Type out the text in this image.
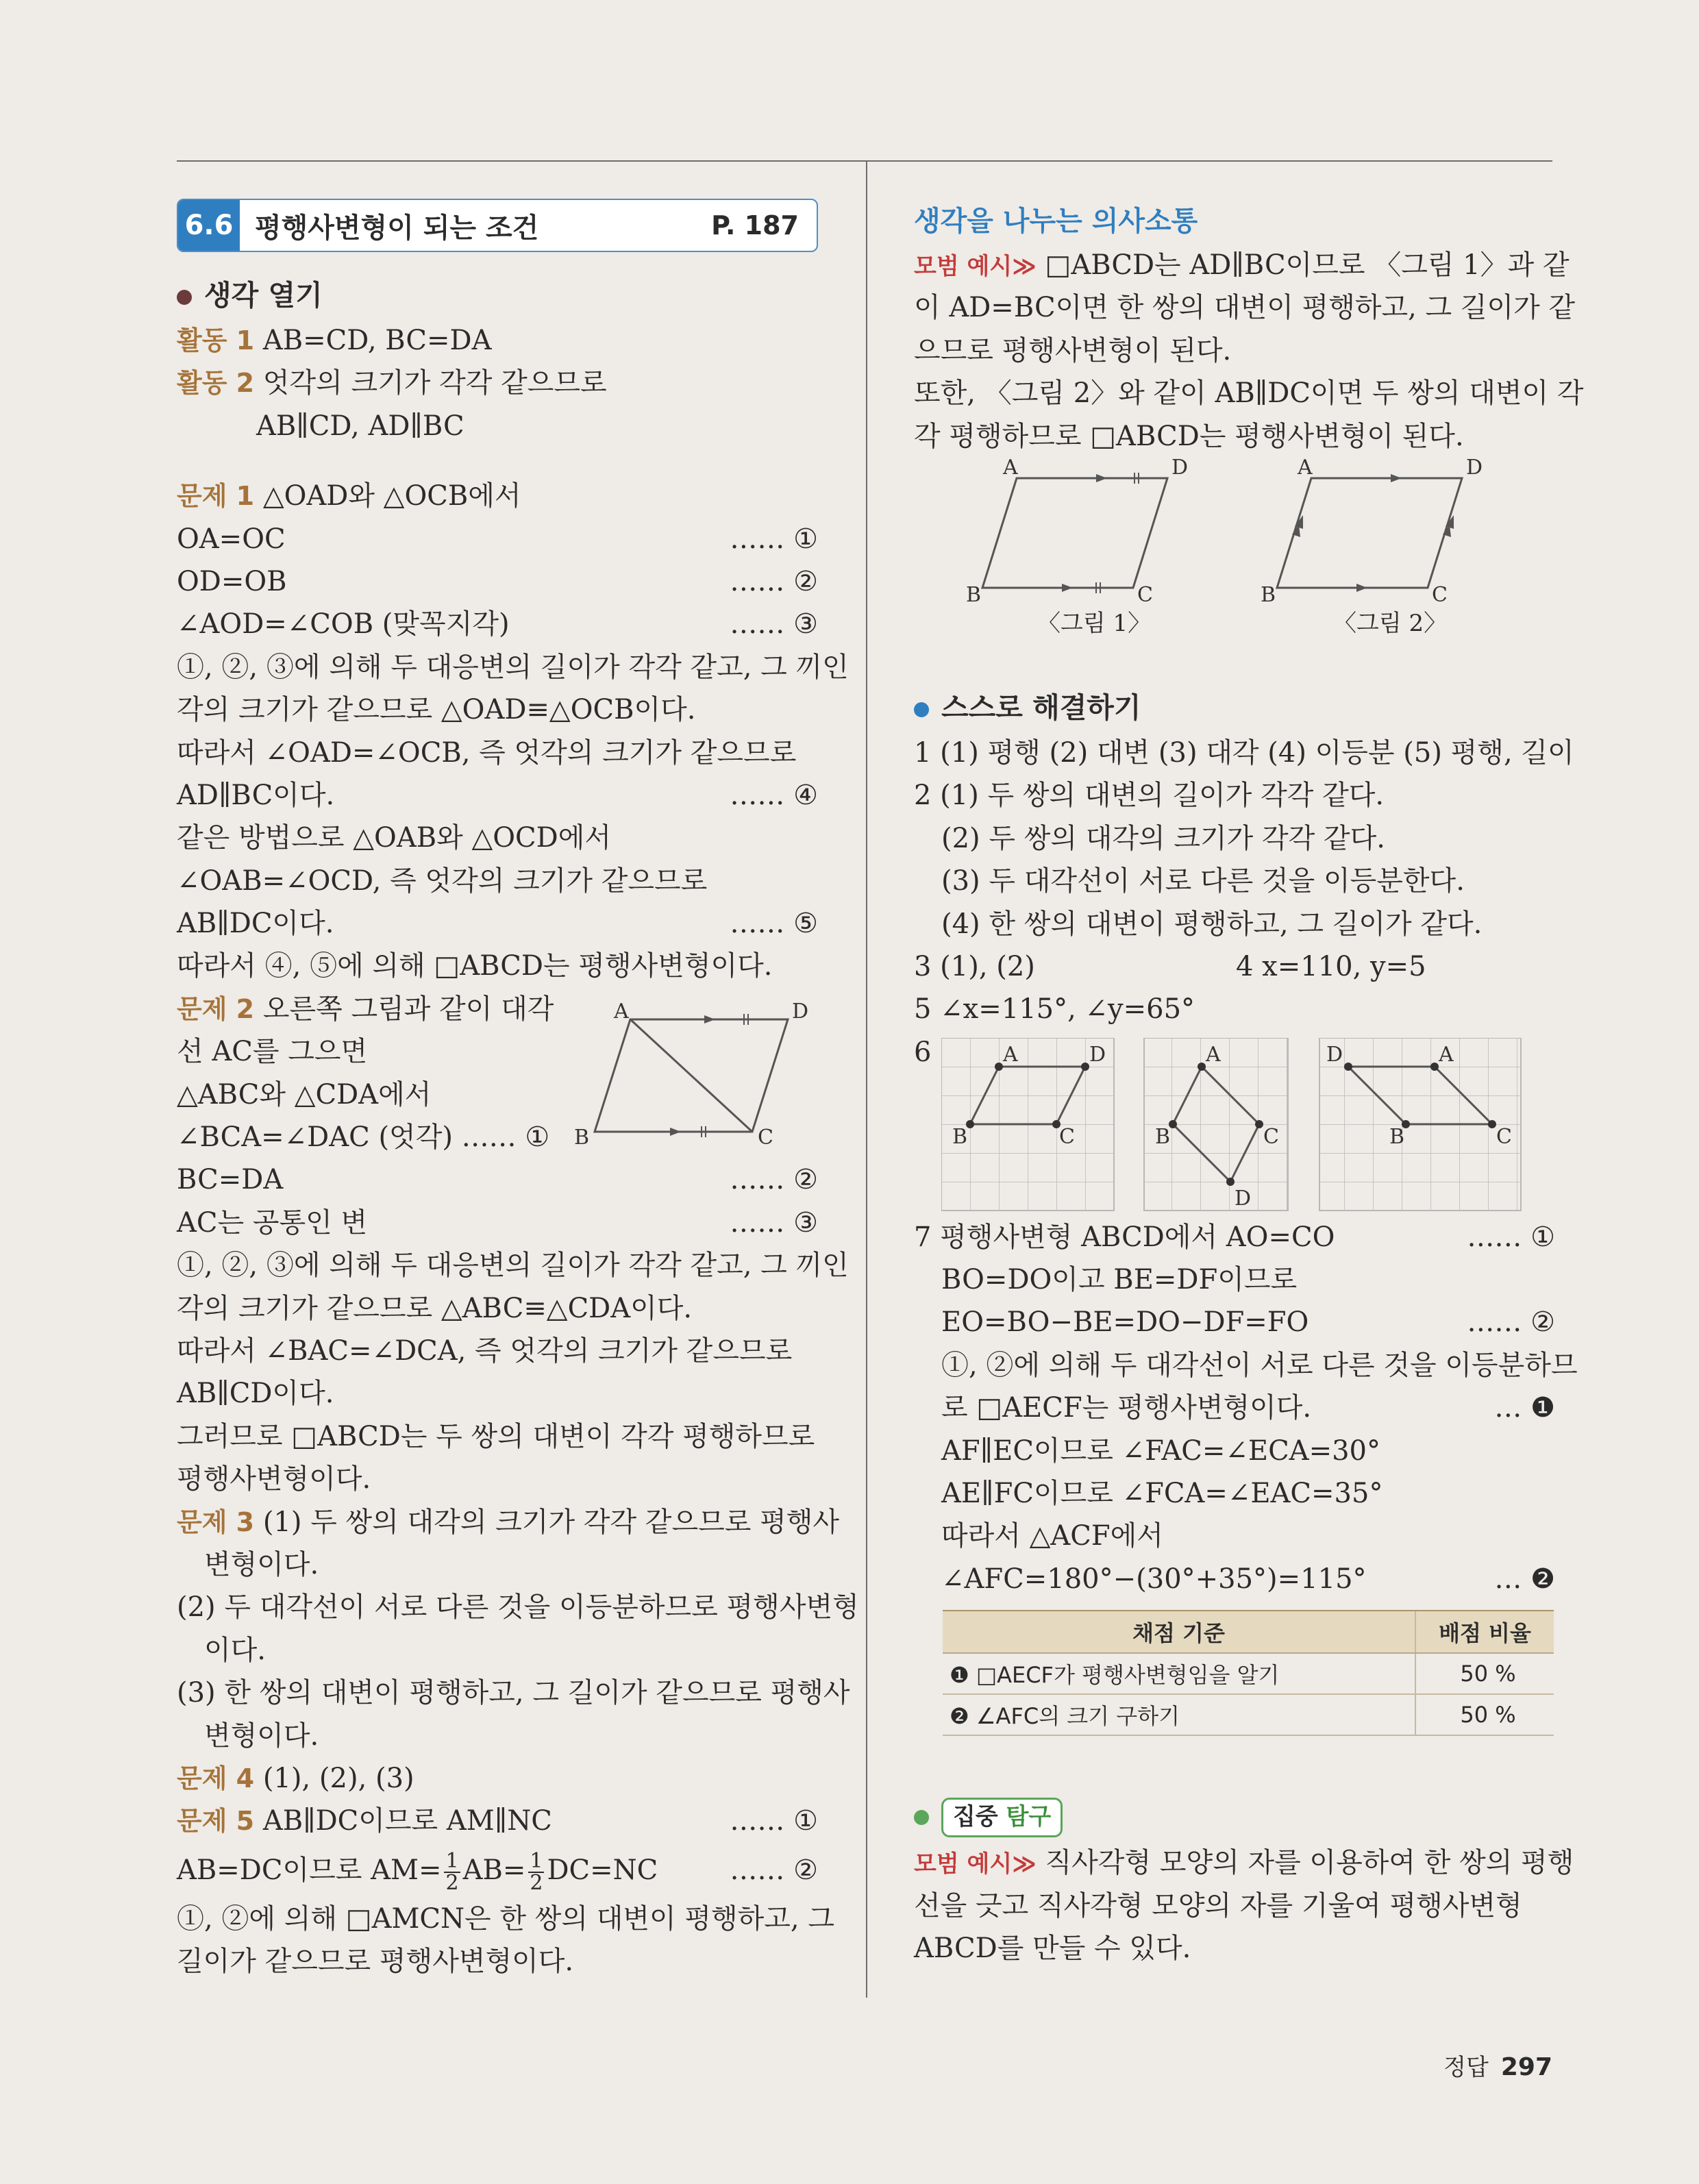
6.6 평행사변형이 되는 조건	P. 187
생각 열기
활동 1 AB=CD, BC=DA
활동 2 엇각의 크기가 각각 같으므로
AB∥CD, AD∥BC
문제 1 △OAD와 △OCB에서
OA=OC	…… ①
OD=OB	…… ②
∠AOD=∠COB (맞꼭지각)	…… ③
①, ②, ③에 의해 두 대응변의 길이가 각각 같고, 그 끼인
각의 크기가 같으므로 △OAD≡△OCB이다.
따라서 ∠OAD=∠OCB, 즉 엇각의 크기가 같으므로
AD∥BC이다.	…… ④
같은 방법으로 △OAB와 △OCD에서
∠OAB=∠OCD, 즉 엇각의 크기가 같으므로
AB∥DC이다.	…… ⑤
따라서 ④, ⑤에 의해 □ABCD는 평행사변형이다.
A	D
B	C
문제 2 오른쪽 그림과 같이 대각
선 AC를 그으면
△ABC와 △CDA에서
∠BCA=∠DAC (엇각) …… ①
BC=DA	…… ②
AC는 공통인 변	…… ③
①, ②, ③에 의해 두 대응변의 길이가 각각 같고, 그 끼인
각의 크기가 같으므로 △ABC≡△CDA이다.
따라서 ∠BAC=∠DCA, 즉 엇각의 크기가 같으므로
AB∥CD이다.
그러므로 □ABCD는 두 쌍의 대변이 각각 평행하므로
평행사변형이다.
문제 3 (1) 두 쌍의 대각의 크기가 각각 같으므로 평행사
변형이다.
(2) 두 대각선이 서로 다른 것을 이등분하므로 평행사변형
이다.
(3) 한 쌍의 대변이 평행하고, 그 길이가 같으므로 평행사
변형이다.
문제 4 (1), (2), (3)
문제 5 AB∥DC이므로 AM∥NC	…… ①
AB=DC이므로 $AM= \frac{1}{2} AB= \frac{1}{2} DC=NC$	…… ②
①, ②에 의해 □AMCN은 한 쌍의 대변이 평행하고, 그
길이가 같으므로 평행사변형이다.
생각을 나누는 의사소통
모범 예시≫ □ABCD는 AD∥BC이므로 〈그림 1〉과 같
이 AD=BC이면 한 쌍의 대변이 평행하고, 그 길이가 같
으므로 평행사변형이 된다.
또한, 〈그림 2〉와 같이 AB∥DC이면 두 쌍의 대변이 각
각 평행하므로 □ABCD는 평행사변형이 된다.
A	D
B	C
〈그림 1〉
A	D
B	C
〈그림 2〉
스스로 해결하기
1 (1) 평행 (2) 대변 (3) 대각 (4) 이등분 (5) 평행, 길이
2 (1) 두 쌍의 대변의 길이가 각각 같다.
(2) 두 쌍의 대각의 크기가 각각 같다.
(3) 두 대각선이 서로 다른 것을 이등분한다.
(4) 한 쌍의 대변이 평행하고, 그 길이가 같다.
3 (1), (2)	4 x=110, y=5
5 ∠x=115°, ∠y=65°
6	A	D
B	C
A
C
D
B
D	A
B	C
7 평행사변형 ABCD에서 AO=CO	…… ①
BO=DO이고 BE=DF이므로
EO=BO−BE=DO−DF=FO	…… ②
①, ②에 의해 두 대각선이 서로 다른 것을 이등분하므
로 □AECF는 평행사변형이다.	… ❶
AF∥EC이므로 ∠FAC=∠ECA=30°
AE∥FC이므로 ∠FCA=∠EAC=35°
따라서 △ACF에서
∠AFC=180°−(30°+35°)=115°	… ❷
채점 기준	배점 비율
❶ □AECF가 평행사변형임을 알기	50 %
❷ ∠AFC의 크기 구하기	50 %
집중 탐구
모범 예시≫ 직사각형 모양의 자를 이용하여 한 쌍의 평행
선을 긋고 직사각형 모양의 자를 기울여 평행사변형
ABCD를 만들 수 있다.
정답 297
